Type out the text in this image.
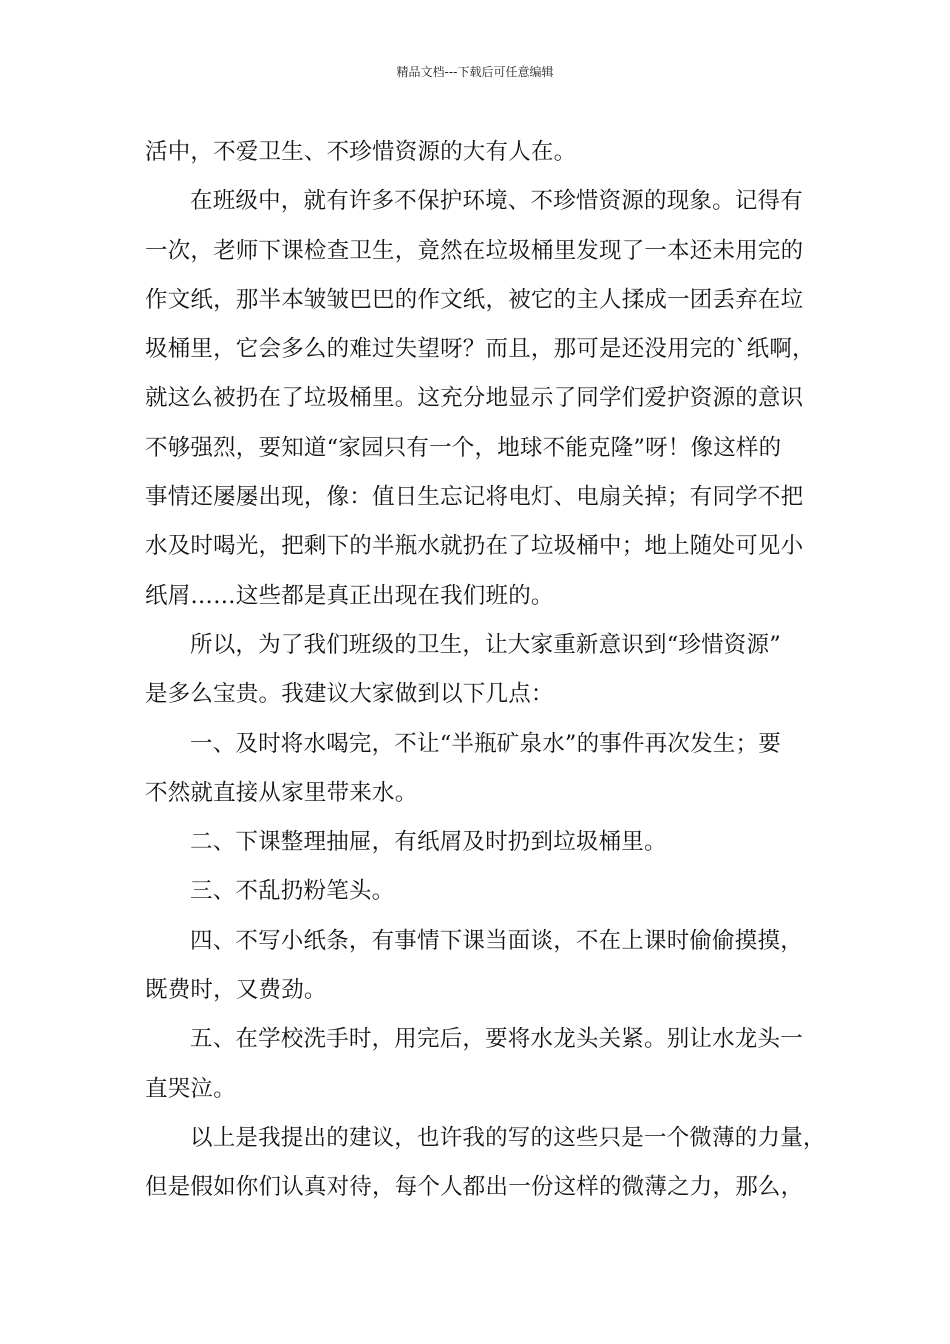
精品文档---下载后可任意编辑
活中，不爱卫生、不珍惜资源的大有人在。
在班级中，就有许多不保护环境、不珍惜资源的现象。记得有
一次，老师下课检查卫生，竟然在垃圾桶里发现了一本还未用完的
作文纸，那半本皱皱巴巴的作文纸，被它的主人揉成一团丢弃在垃
圾桶里，它会多么的难过失望呀？而且，那可是还没用完的`纸啊，
就这么被扔在了垃圾桶里。这充分地显示了同学们爱护资源的意识
不够强烈，要知道“家园只有一个，地球不能克隆”呀！像这样的
事情还屡屡出现，像：值日生忘记将电灯、电扇关掉；有同学不把
水及时喝光，把剩下的半瓶水就扔在了垃圾桶中；地上随处可见小
纸屑……这些都是真正出现在我们班的。
所以，为了我们班级的卫生，让大家重新意识到“珍惜资源”
是多么宝贵。我建议大家做到以下几点：
一、及时将水喝完，不让“半瓶矿泉水”的事件再次发生；要
不然就直接从家里带来水。
二、下课整理抽屉，有纸屑及时扔到垃圾桶里。
三、不乱扔粉笔头。
四、不写小纸条，有事情下课当面谈，不在上课时偷偷摸摸，
既费时，又费劲。
五、在学校洗手时，用完后，要将水龙头关紧。别让水龙头一
直哭泣。
以上是我提出的建议，也许我的写的这些只是一个微薄的力量，
但是假如你们认真对待，每个人都出一份这样的微薄之力，那么，
